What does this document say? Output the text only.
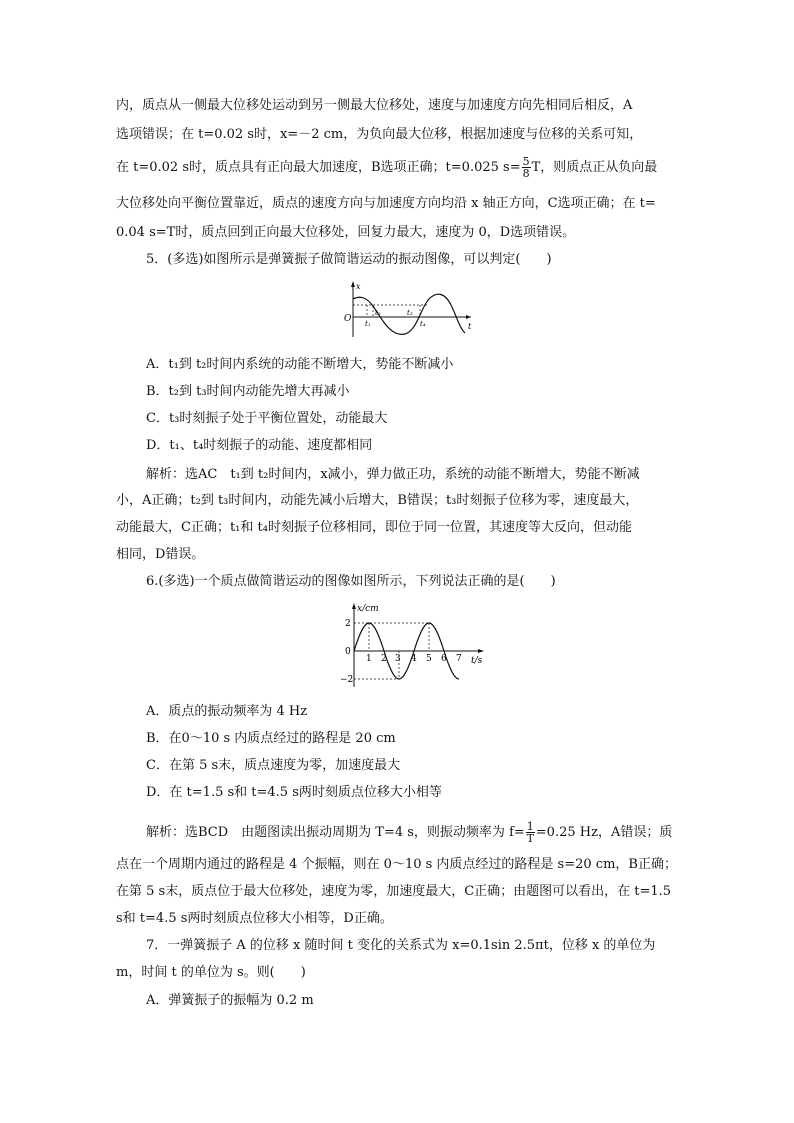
内，质点从一侧最大位移处运动到另一侧最大位移处，速度与加速度方向先相同后相反，A
选项错误；在 t=0.02 s时，x=－2 cm，为负向最大位移，根据加速度与位移的关系可知，
在 t=0.02 s时，质点具有正向最大加速度，B选项正确；t=0.025 $s= \frac{5}{8}$ T，则质点正从负向最
大位移处向平衡位置靠近，质点的速度方向与加速度方向均沿 x 轴正方向，C选项正确；在 t=
0.04 s=T时，质点回到正向最大位移处，回复力最大，速度为 0，D选项错误。
5．(多选)如图所示是弹簧振子做简谐运动的振动图像，可以判定(　　)
x
O
t
t₁
t₂	t₃
t₄
A．t₁到 t₂时间内系统的动能不断增大，势能不断减小
B．t₂到 t₃时间内动能先增大再减小
C．t₃时刻振子处于平衡位置处，动能最大
D．t₁、t₄时刻振子的动能、速度都相同
解析：选AC　t₁到 t₂时间内，x减小，弹力做正功，系统的动能不断增大，势能不断减
小，A正确；t₂到 t₃时间内，动能先减小后增大，B错误；t₃时刻振子位移为零，速度最大，
动能最大，C正确；t₁和 t₄时刻振子位移相同，即位于同一位置，其速度等大反向，但动能
相同，D错误。
6.(多选)一个质点做简谐运动的图像如图所示，下列说法正确的是(　　)
x/cm
t/s
0
2
−2
1 2 3 4 5 6 7
A．质点的振动频率为 4 Hz
B．在0～10 s 内质点经过的路程是 20 cm
C．在第 5 s末，质点速度为零，加速度最大
D．在 t=1.5 s和 t=4.5 s两时刻质点位移大小相等
解析：选BCD　由题图读出振动周期为 T=4 s，则振动频率为 $f= \frac{1}{T} =0.25$ Hz，A错误；质
点在一个周期内通过的路程是 4 个振幅，则在 0～10 s 内质点经过的路程是 s=20 cm，B正确；
在第 5 s末，质点位于最大位移处，速度为零，加速度最大，C正确；由题图可以看出，在 t=1.5
s和 t=4.5 s两时刻质点位移大小相等，D正确。
7．一弹簧振子 A 的位移 x 随时间 t 变化的关系式为 x=0.1sin 2.5πt，位移 x 的单位为
m，时间 t 的单位为 s。则(　　)
A．弹簧振子的振幅为 0.2 m
